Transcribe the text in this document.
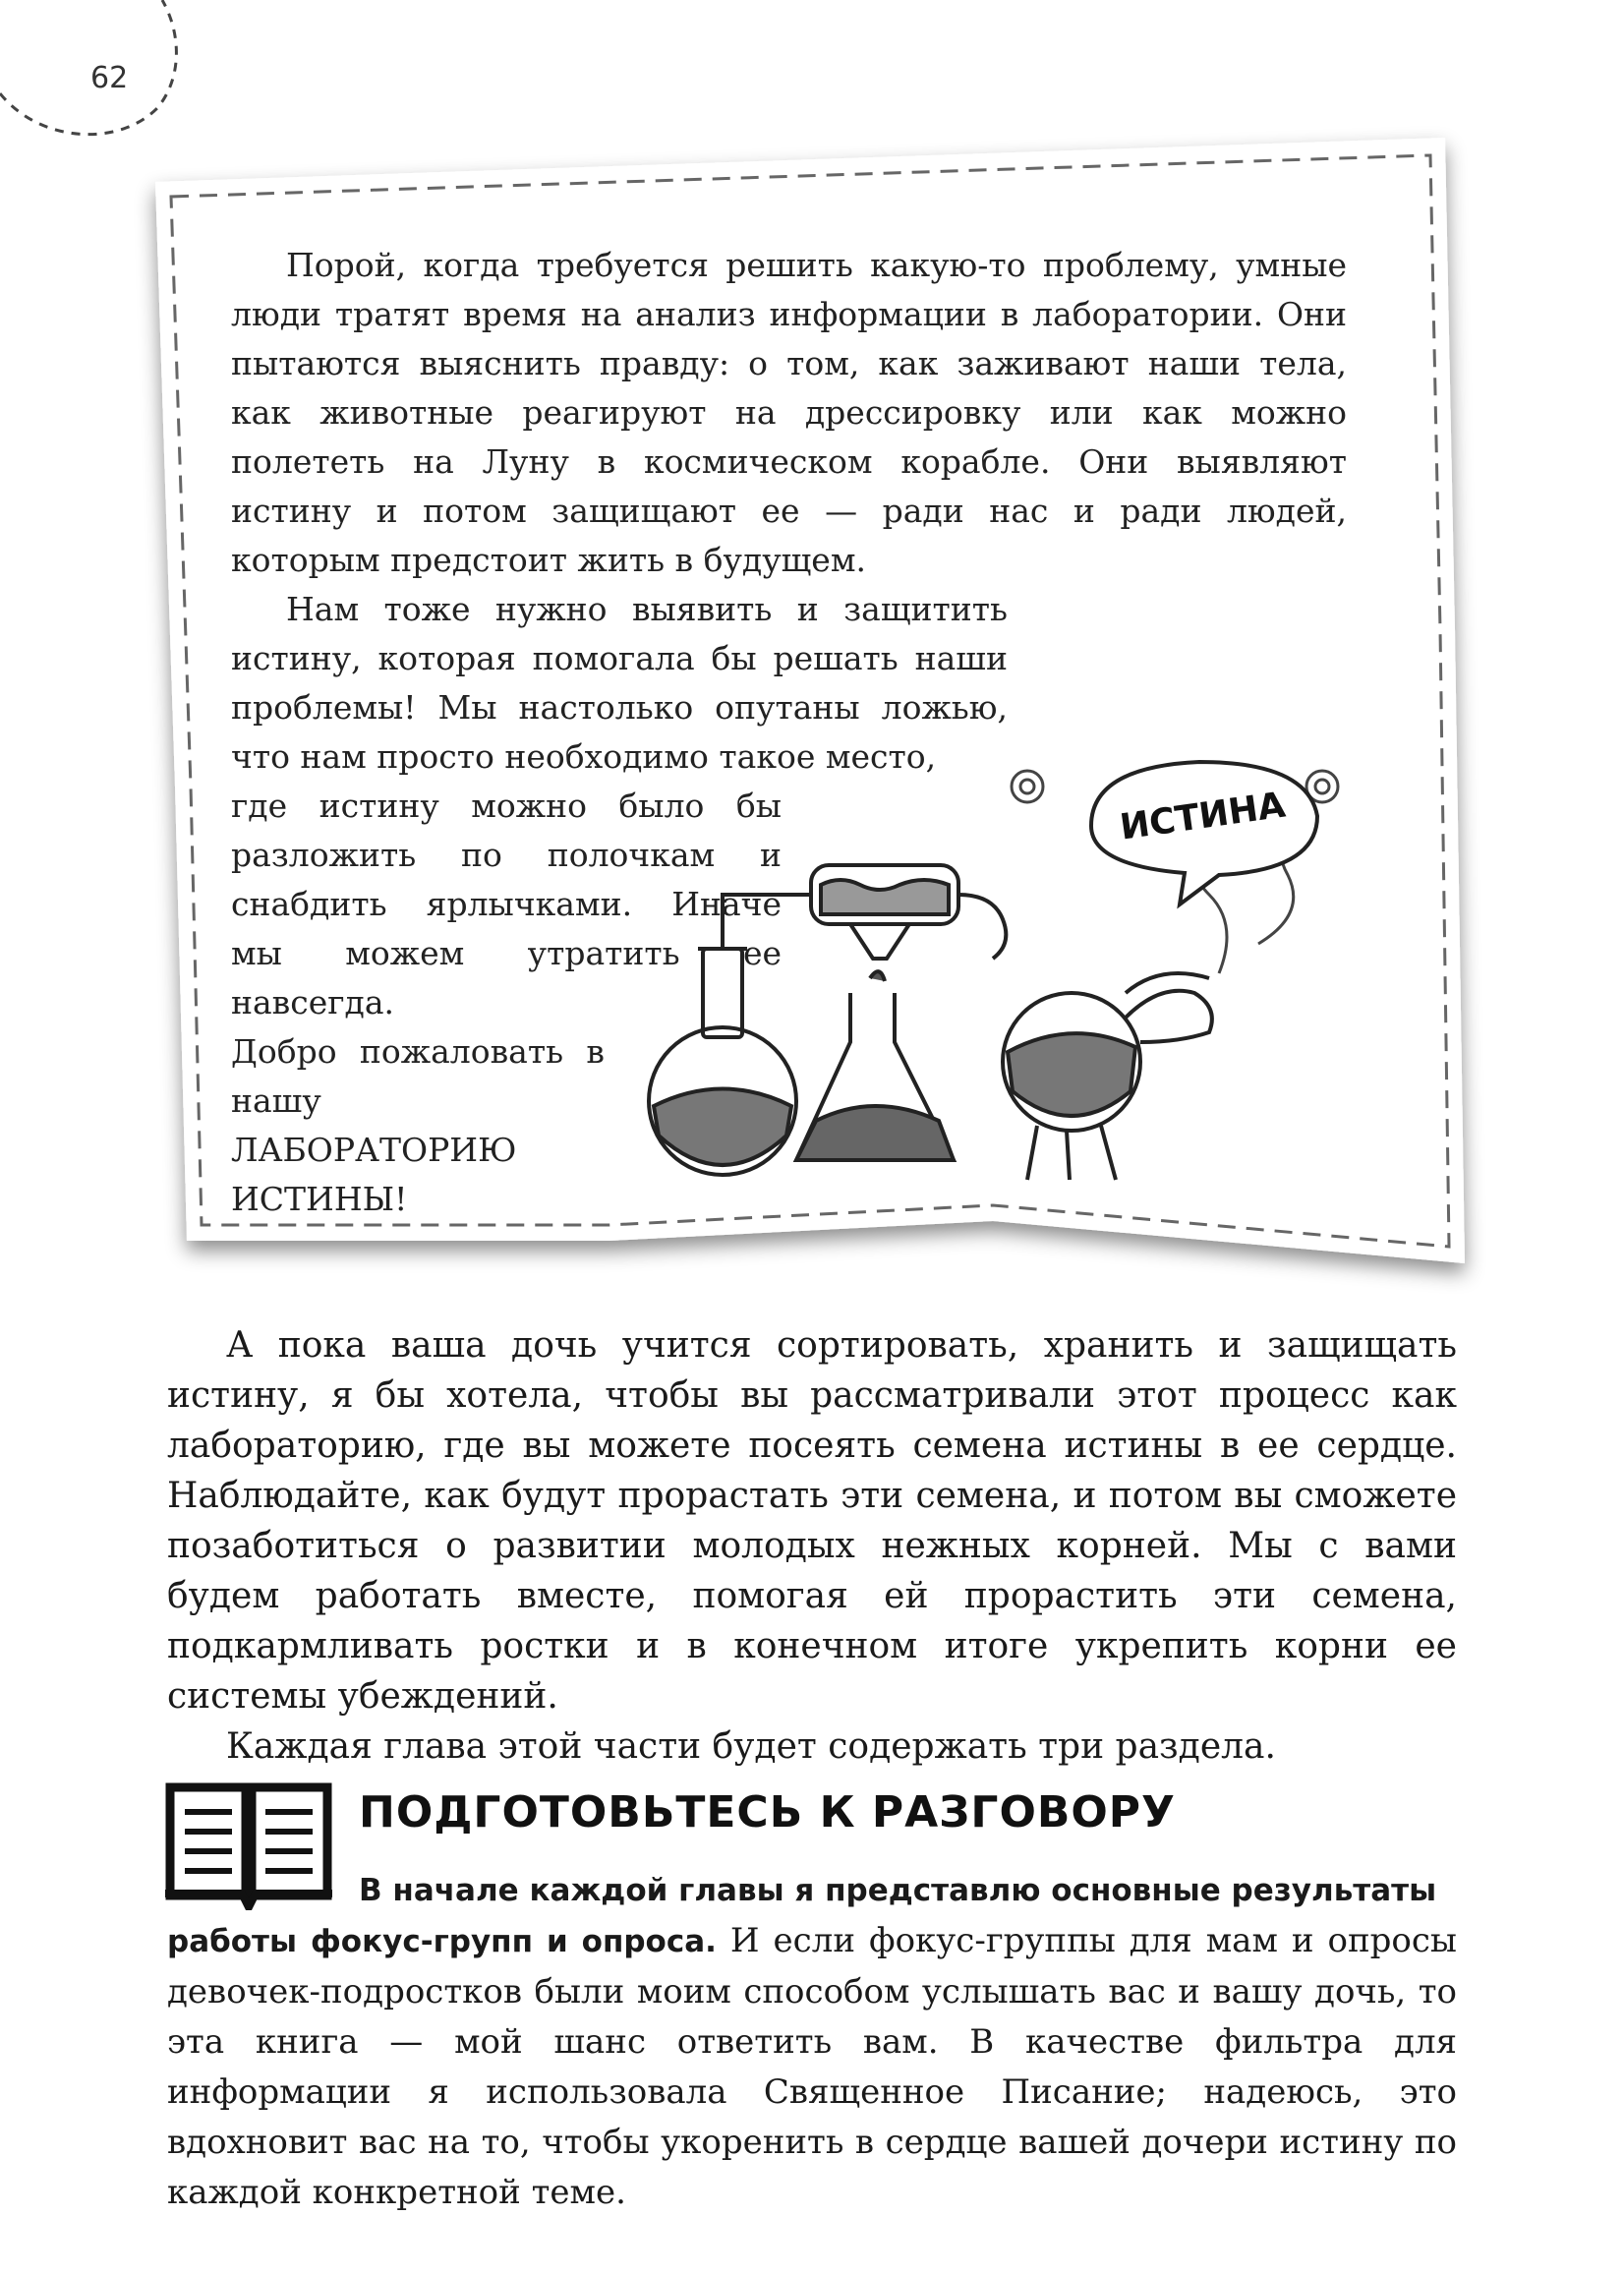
62

Порой, когда требуется решить какую-то проблему, умные люди тратят время на анализ информации в лаборатории. Они пытаются выяснить правду: о том, как заживают наши тела, как животные реагируют на дрессировку или как можно полететь на Луну в космическом корабле. Они выявляют истину и потом защищают ее — ради нас и ради людей, которым предстоит жить в будущем.

Нам тоже нужно выявить и защитить истину, которая помогала бы решать наши проблемы! Мы настолько опутаны ложью, что нам просто необходимо такое место,

где истину можно было бы разложить по полочкам и снабдить ярлычками. Иначе мы можем утратить ее навсегда.

Добро пожаловать в нашу ЛАБОРАТОРИЮ ИСТИНЫ!

ИСТИНА

А пока ваша дочь учится сортировать, хранить и защищать истину, я бы хотела, чтобы вы рассматривали этот процесс как лабораторию, где вы можете посеять семена истины в ее сердце. Наблюдайте, как будут прорастать эти семена, и потом вы сможете позаботиться о развитии молодых нежных корней. Мы с вами будем работать вместе, помогая ей прорастить эти семена, подкармливать ростки и в конечном итоге укрепить корни ее системы убеждений.

Каждая глава этой части будет содержать три раздела.

ПОДГОТОВЬТЕСЬ К РАЗГОВОРУ
В начале каждой главы я представлю основные результаты
работы фокус-групп и опроса. И если фокус-группы для мам и опросы девочек-подростков были моим способом услышать вас и вашу дочь, то эта книга — мой шанс ответить вам. В качестве фильтра для информации я использовала Священное Писание; надеюсь, это вдохновит вас на то, чтобы укоренить в сердце вашей дочери истину по каждой конкретной теме.
